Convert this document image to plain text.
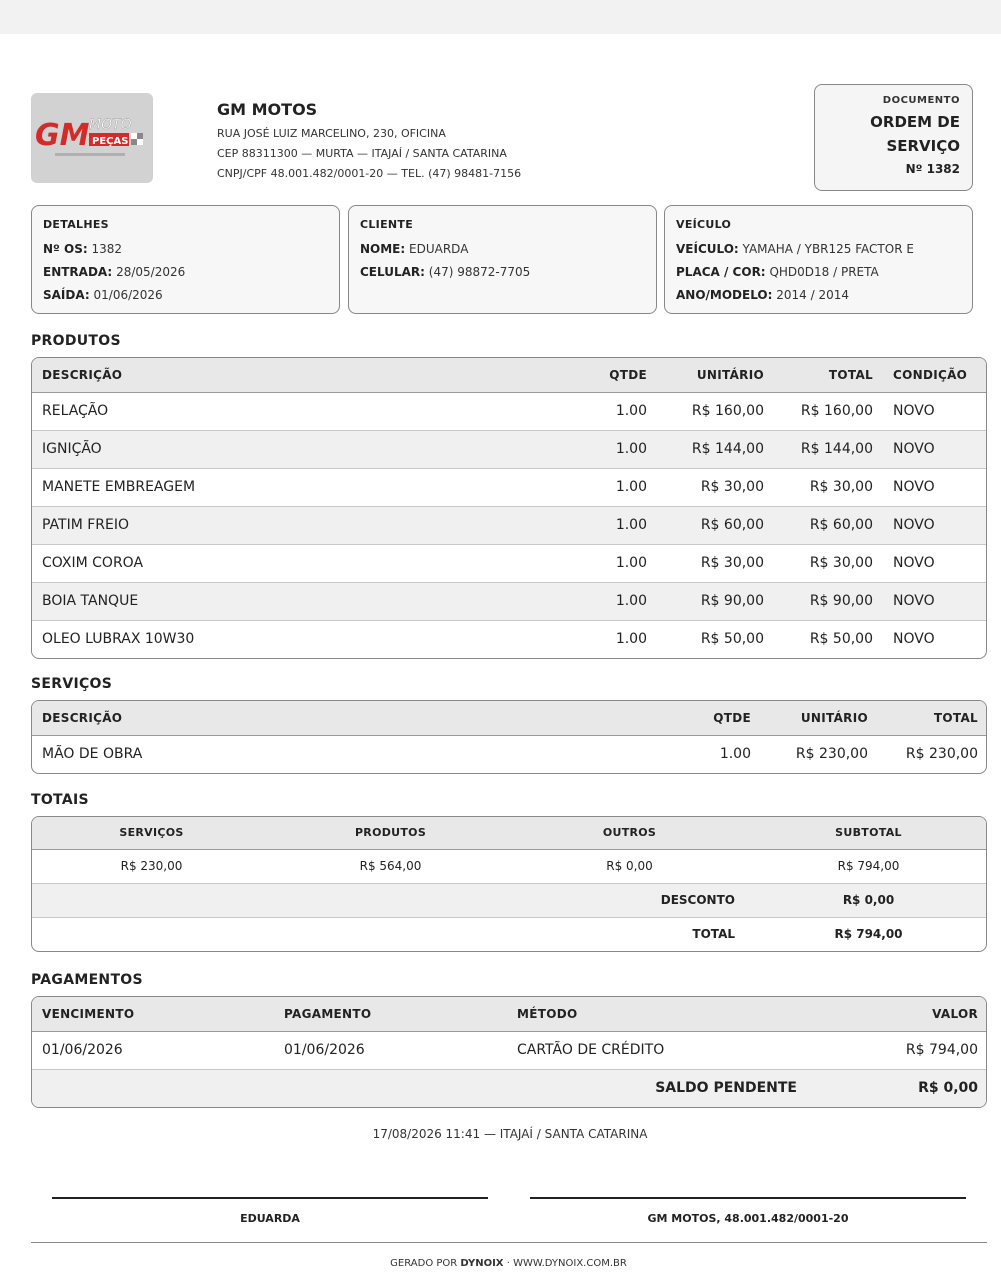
GM MOTO
PEÇAS
GM MOTOS
RUA JOSÉ LUIZ MARCELINO, 230, OFICINA
CEP 88311300 — MURTA — ITAJAÍ / SANTA CATARINA
CNPJ/CPF 48.001.482/0001-20 — TEL. (47) 98481-7156
DOCUMENTO
ORDEM DE
SERVIÇO
Nº 1382
DETALHES
Nº OS: 1382
ENTRADA: 28/05/2026
SAÍDA: 01/06/2026
CLIENTE
NOME: EDUARDA
CELULAR: (47) 98872-7705
VEÍCULO
VEÍCULO: YAMAHA / YBR125 FACTOR E
PLACA / COR: QHD0D18 / PRETA
ANO/MODELO: 2014 / 2014
PRODUTOS
DESCRIÇÃO	QTDE	UNITÁRIO	TOTAL	CONDIÇÃO
RELAÇÃO	1.00	R$ 160,00	R$ 160,00	NOVO
IGNIÇÃO	1.00	R$ 144,00	R$ 144,00	NOVO
MANETE EMBREAGEM	1.00	R$ 30,00	R$ 30,00	NOVO
PATIM FREIO	1.00	R$ 60,00	R$ 60,00	NOVO
COXIM COROA	1.00	R$ 30,00	R$ 30,00	NOVO
BOIA TANQUE	1.00	R$ 90,00	R$ 90,00	NOVO
OLEO LUBRAX 10W30	1.00	R$ 50,00	R$ 50,00	NOVO
SERVIÇOS
DESCRIÇÃO	QTDE	UNITÁRIO	TOTAL
MÃO DE OBRA	1.00	R$ 230,00	R$ 230,00
TOTAIS
SERVIÇOS	PRODUTOS	OUTROS	SUBTOTAL
R$ 230,00	R$ 564,00	R$ 0,00	R$ 794,00
DESCONTO			R$ 0,00
TOTAL			R$ 794,00
PAGAMENTOS
VENCIMENTO	PAGAMENTO	MÉTODO	VALOR
01/06/2026	01/06/2026	CARTÃO DE CRÉDITO	R$ 794,00
SALDO PENDENTE			R$ 0,00
17/08/2026 11:41 — ITAJAÍ / SANTA CATARINA
EDUARDA	GM MOTOS, 48.001.482/0001-20
GERADO POR DYNOIX · WWW.DYNOIX.COM.BR
